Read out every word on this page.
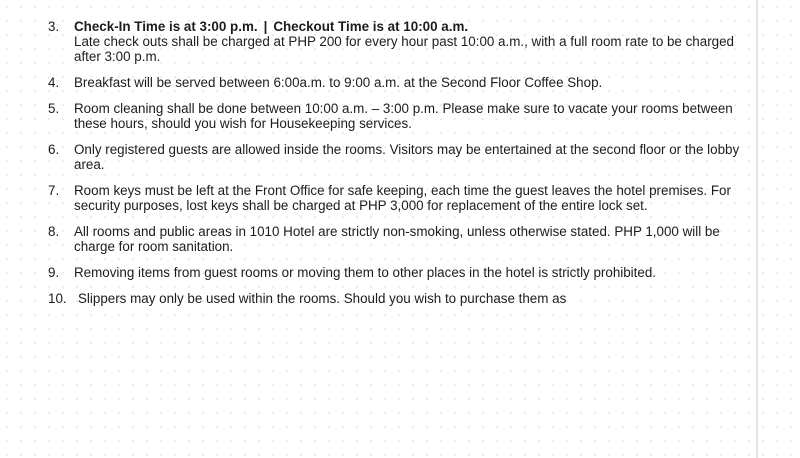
3. Check-In Time is at 3:00 p.m. | Checkout Time is at 10:00 a.m.
Late check outs shall be charged at PHP 200 for every hour past 10:00 a.m., with a full room rate to be charged after 3:00 p.m.
4. Breakfast will be served between 6:00a.m. to 9:00 a.m. at the Second Floor Coffee Shop.
5. Room cleaning shall be done between 10:00 a.m. – 3:00 p.m. Please make sure to vacate your rooms between these hours, should you wish for Housekeeping services.
6. Only registered guests are allowed inside the rooms. Visitors may be entertained at the second floor or the lobby area.
7. Room keys must be left at the Front Office for safe keeping, each time the guest leaves the hotel premises. For security purposes, lost keys shall be charged at PHP 3,000 for replacement of the entire lock set.
8. All rooms and public areas in 1010 Hotel are strictly non-smoking, unless otherwise stated. PHP 1,000 will be charge for room sanitation.
9. Removing items from guest rooms or moving them to other places in the hotel is strictly prohibited.
10. Slippers may only be used within the rooms. Should you wish to purchase them as
